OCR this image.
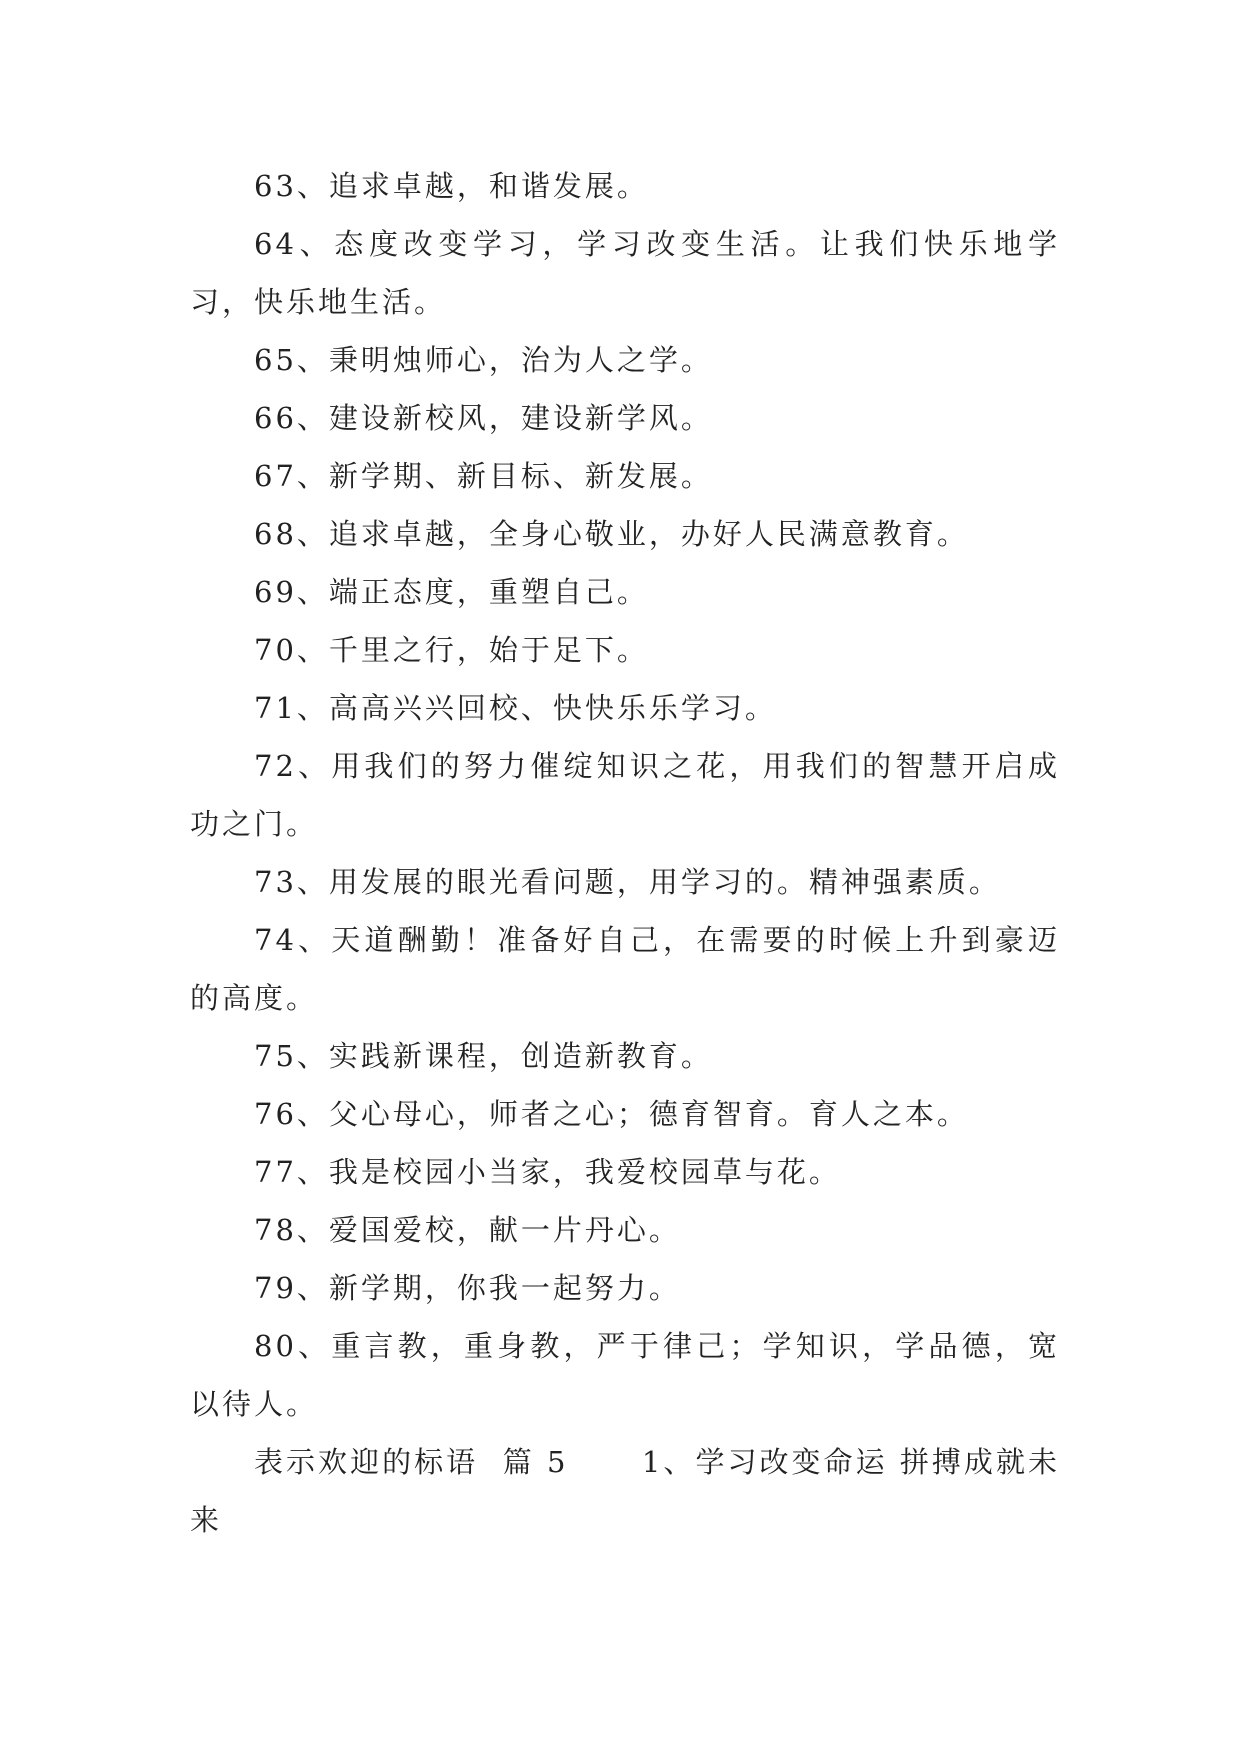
63、追求卓越，和谐发展。

64、态度改变学习，学习改变生活。让我们快乐地学习，快乐地生活。

65、秉明烛师心，治为人之学。

66、建设新校风，建设新学风。

67、新学期、新目标、新发展。

68、追求卓越，全身心敬业，办好人民满意教育。

69、端正态度，重塑自己。

70、千里之行，始于足下。

71、高高兴兴回校、快快乐乐学习。

72、用我们的努力催绽知识之花，用我们的智慧开启成功之门。

73、用发展的眼光看问题，用学习的。精神强素质。

74、天道酬勤！准备好自己，在需要的时候上升到豪迈的高度。

75、实践新课程，创造新教育。

76、父心母心，师者之心；德育智育。育人之本。

77、我是校园小当家，我爱校园草与花。

78、爱国爱校，献一片丹心。

79、新学期，你我一起努力。

80、重言教，重身教，严于律己；学知识，学品德，宽以待人。

表示欢迎的标语  篇 5      1、学习改变命运 拼搏成就未来
